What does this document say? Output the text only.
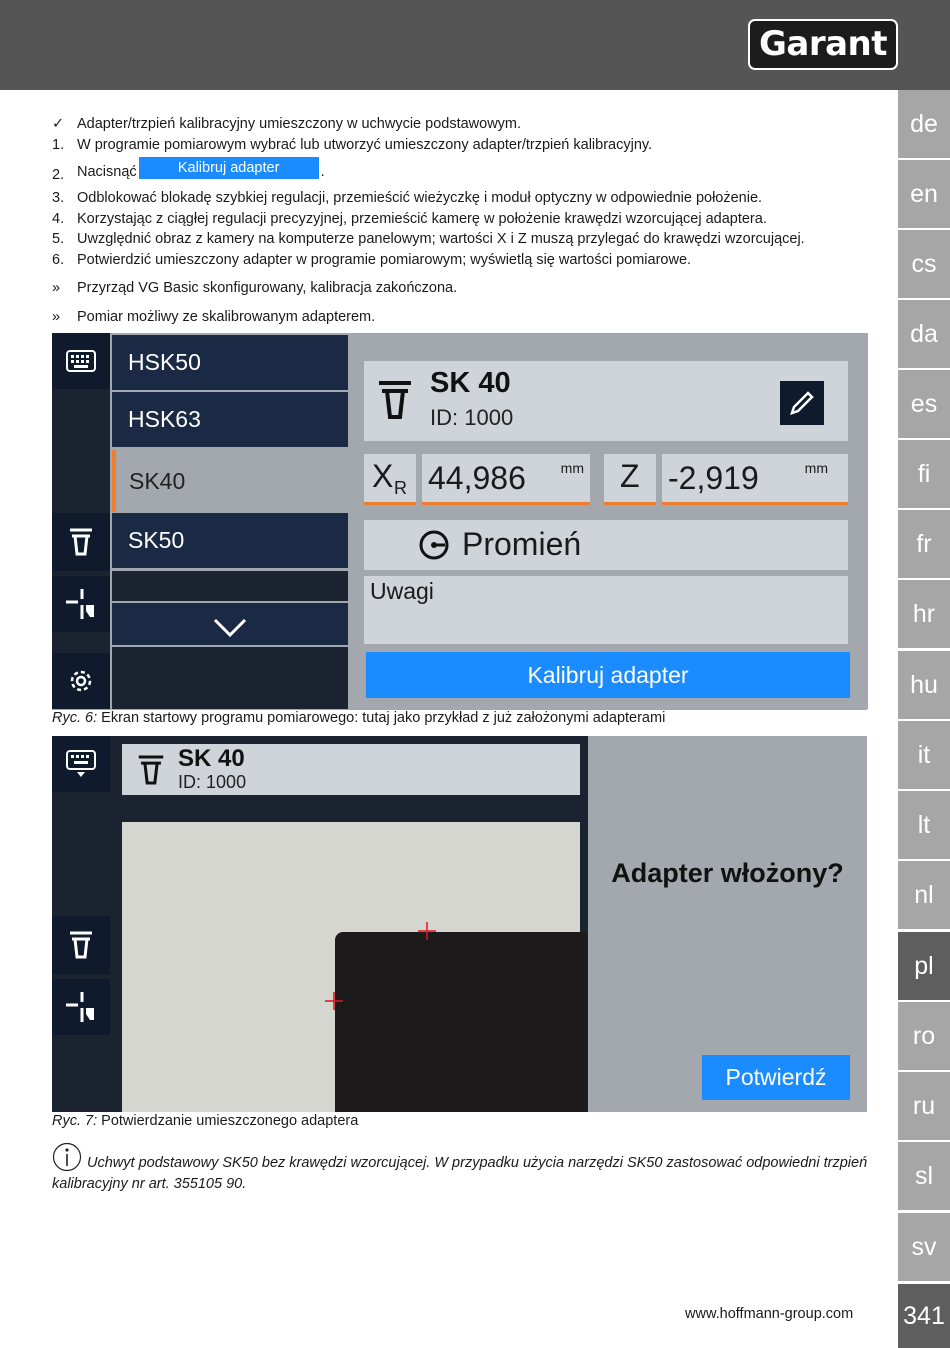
Garant
de
en
cs
da
es
fi
fr
hr
hu
it
lt
nl
pl
ro
ru
sl
sv
341
✓ Adapter/trzpień kalibracyjny umieszczony w uchwycie podstawowym.
1. W programie pomiarowym wybrać lub utworzyć umieszczony adapter/trzpień kalibracyjny.
2. Nacisnąć	Kalibruj adapter	.
3. Odblokować blokadę szybkiej regulacji, przemieścić wieżyczkę i moduł optyczny w odpowiednie położenie.
4. Korzystając z ciągłej regulacji precyzyjnej, przemieścić kamerę w położenie krawędzi wzorcującej adaptera.
5. Uwzględnić obraz z kamery na komputerze panelowym; wartości X i Z muszą przylegać do krawędzi wzorcującej.
6. Potwierdzić umieszczony adapter w programie pomiarowym; wyświetlą się wartości pomiarowe.
»	Przyrząd VG Basic skonfigurowany, kalibracja zakończona.
»	Pomiar możliwy ze skalibrowanym adapterem.
HSK50
HSK63
SK40
SK50
SK 40
ID: 1000
X R 44,986 mm Z -2,919	mm
Promień
Uwagi
Kalibruj adapter
Ryc. 6: Ekran startowy programu pomiarowego: tutaj jako przykład z już założonymi adapterami
SK 40
ID: 1000
Adapter włożony?
Potwierdź
Ryc. 7: Potwierdzanie umieszczonego adaptera
Uchwyt podstawowy SK50 bez krawędzi wzorcującej. W przypadku użycia narzędzi SK50 zastosować odpowiedni trzpień
kalibracyjny nr art. 355105 90.
www.hoffmann-group.com
